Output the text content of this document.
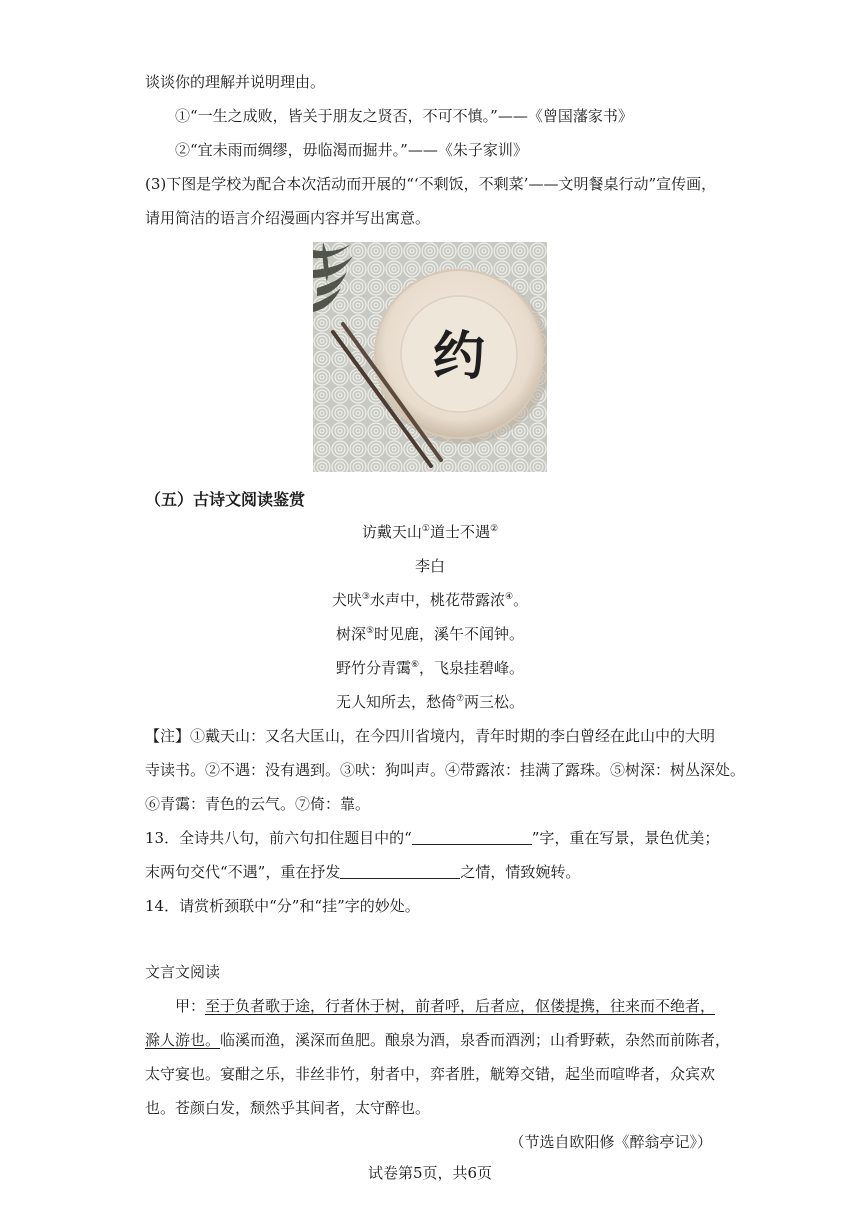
谈谈你的理解并说明理由。
①“一生之成败，皆关于朋友之贤否，不可不慎。”——《曾国藩家书》
②“宜未雨而绸缪，毋临渴而掘井。”——《朱子家训》
(3)下图是学校为配合本次活动而开展的“‘不剩饭，不剩菜’——文明餐桌行动”宣传画，
请用简洁的语言介绍漫画内容并写出寓意。
约
（五）古诗文阅读鉴赏
访戴天山①道士不遇②
李白
犬吠③水声中，桃花带露浓④。
树深⑤时见鹿，溪午不闻钟。
野竹分青霭⑥，飞泉挂碧峰。
无人知所去，愁倚⑦两三松。
【注】①戴天山：又名大匡山，在今四川省境内，青年时期的李白曾经在此山中的大明
寺读书。②不遇：没有遇到。③吠：狗叫声。④带露浓：挂满了露珠。⑤树深：树丛深处。
⑥青霭：青色的云气。⑦倚：靠。
13．全诗共八句，前六句扣住题目中的“	”字，重在写景，景色优美；
末两句交代“不遇”，重在抒发	之情，情致婉转。
14．请赏析颈联中“分”和“挂”字的妙处。
文言文阅读
甲：至于负者歌于途，行者休于树，前者呼，后者应，伛偻提携，往来而不绝者，
滁人游也。临溪而渔，溪深而鱼肥。酿泉为酒，泉香而酒洌；山肴野蔌，杂然而前陈者，
太守宴也。宴酣之乐，非丝非竹，射者中，弈者胜，觥筹交错，起坐而喧哗者，众宾欢
也。苍颜白发，颓然乎其间者，太守醉也。
（节选自欧阳修《醉翁亭记》）
试卷第5页，共6页
